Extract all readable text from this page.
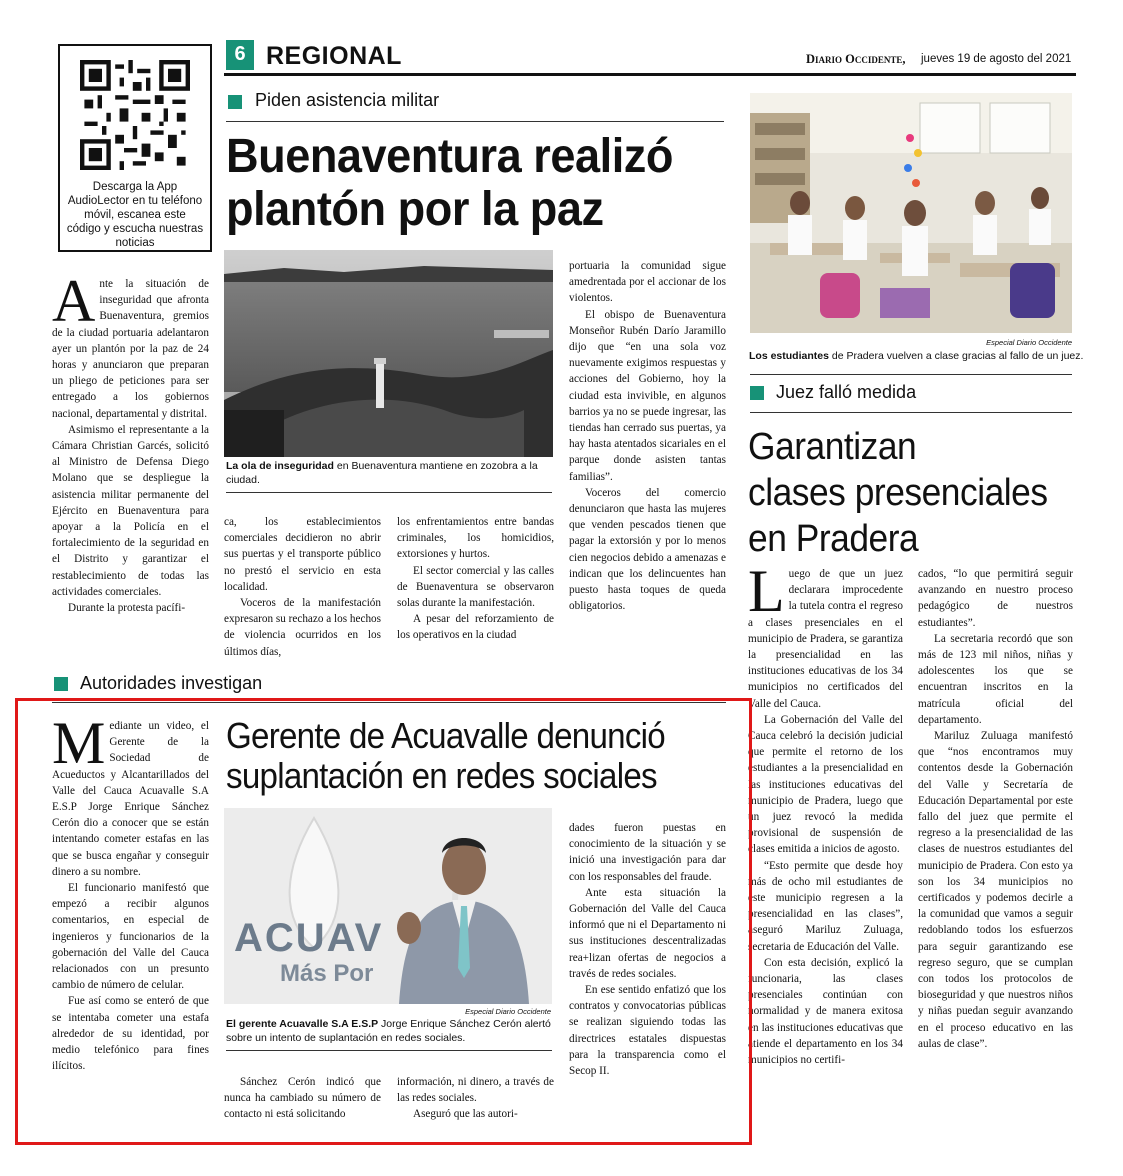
Descarga la App AudioLector en tu teléfono móvil, escanea este código y escucha nuestras noticias
6 REGIONAL	Diario Occidente, jueves 19 de agosto del 2021
Piden asistencia militar
Buenaventura realizó
plantón por la paz
La ola de inseguridad en Buenaventura mantiene en zozobra a la ciudad.

Ante la situación de inseguridad que afronta Buenaventura, gremios de la ciudad portuaria adelantaron ayer un plantón por la paz de 24 horas y anunciaron que preparan un pliego de peticiones para ser entregado a los gobiernos nacional, departamental y distrital.

Asimismo el representante a la Cámara Christian Garcés, solicitó al Ministro de Defensa Diego Molano que se despliegue la asistencia militar permanente del Ejército en Buenaventura para apoyar a la Policía en el fortalecimiento de la seguridad en el Distrito y garantizar el restablecimiento de todas las actividades comerciales.

Durante la protesta pacífi-

ca, los establecimientos comerciales decidieron no abrir sus puertas y el transporte público no prestó el servicio en esta localidad.

Voceros de la manifestación expresaron su rechazo a los hechos de violencia ocurridos en los últimos días,

los enfrentamientos entre bandas criminales, los homicidios, extorsiones y hurtos.

El sector comercial y las calles de Buenaventura se observaron solas durante la manifestación.

A pesar del reforzamiento de los operativos en la ciudad

portuaria la comunidad sigue amedrentada por el accionar de los violentos.

El obispo de Buenaventura Monseñor Rubén Darío Jaramillo dijo que “en una sola voz nuevamente exigimos respuestas y acciones del Gobierno, hoy la ciudad esta invivible, en algunos barrios ya no se puede ingresar, las tiendas han cerrado sus puertas, ya hay hasta atentados sicariales en el parque donde asisten tantas familias”.

Voceros del comercio denunciaron que hasta las mujeres que venden pescados tienen que pagar la extorsión y por lo menos cien negocios debido a amenazas e indican que los delincuentes han puesto hasta toques de queda obligatorios.

Autoridades investigan
Gerente de Acuavalle denunció
suplantación en redes sociales
ACUAV
Más Por
Especial Diario Occidente
El gerente Acuavalle S.A E.S.P Jorge Enrique Sánchez Cerón alertó sobre un intento de suplantación en redes sociales.

Mediante un video, el Gerente de la Sociedad de Acueductos y Alcantarillados del Valle del Cauca Acuavalle S.A E.S.P Jorge Enrique Sánchez Cerón dio a conocer que se están intentando cometer estafas en las que se busca engañar y conseguir dinero a su nombre.

El funcionario manifestó que empezó a recibir algunos comentarios, en especial de ingenieros y funcionarios de la gobernación del Valle del Cauca relacionados con un presunto cambio de número de celular.

Fue así como se enteró de que se intentaba cometer una estafa alrededor de su identidad, por medio telefónico para fines ilícitos.

Sánchez Cerón indicó que nunca ha cambiado su número de contacto ni está solicitando

información, ni dinero, a través de las redes sociales.

Aseguró que las autori-

dades fueron puestas en conocimiento de la situación y se inició una investigación para dar con los responsables del fraude.

Ante esta situación la Gobernación del Valle del Cauca informó que ni el Departamento ni sus instituciones descentralizadas rea+lizan ofertas de negocios a través de redes sociales.

En ese sentido enfatizó que los contratos y convocatorias públicas se realizan siguiendo todas las directrices estatales dispuestas para la transparencia como el Secop II.

Especial Diario Occidente
Los estudiantes de Pradera vuelven a clase gracias al fallo de un juez.
Juez falló medida
Garantizan
clases presenciales
en Pradera

Luego de que un juez declarara improcedente la tutela contra el regreso a clases presenciales en el municipio de Pradera, se garantiza la presencialidad en las instituciones educativas de los 34 municipios no certificados del Valle del Cauca.

La Gobernación del Valle del Cauca celebró la decisión judicial que permite el retorno de los estudiantes a la presencialidad en las instituciones educativas del municipio de Pradera, luego que un juez revocó la medida provisional de suspensión de clases emitida a inicios de agosto.

“Esto permite que desde hoy más de ocho mil estudiantes de este municipio regresen a la presencialidad en las clases”, aseguró Mariluz Zuluaga, secretaria de Educación del Valle.

Con esta decisión, explicó la funcionaria, las clases presenciales continúan con normalidad y de manera exitosa en las instituciones educativas que atiende el departamento en los 34 municipios no certifi-

cados, “lo que permitirá seguir avanzando en nuestro proceso pedagógico de nuestros estudiantes”.

La secretaria recordó que son más de 123 mil niños, niñas y adolescentes los que se encuentran inscritos en la matrícula oficial del departamento.

Mariluz Zuluaga manifestó que “nos encontramos muy contentos desde la Gobernación del Valle y Secretaría de Educación Departamental por este fallo del juez que permite el regreso a la presencialidad de las clases de nuestros estudiantes del municipio de Pradera. Con esto ya son los 34 municipios no certificados y podemos decirle a la comunidad que vamos a seguir redoblando todos los esfuerzos para seguir garantizando ese regreso seguro, que se cumplan con todos los protocolos de bioseguridad y que nuestros niños y niñas puedan seguir avanzando en el proceso educativo en las aulas de clase”.
